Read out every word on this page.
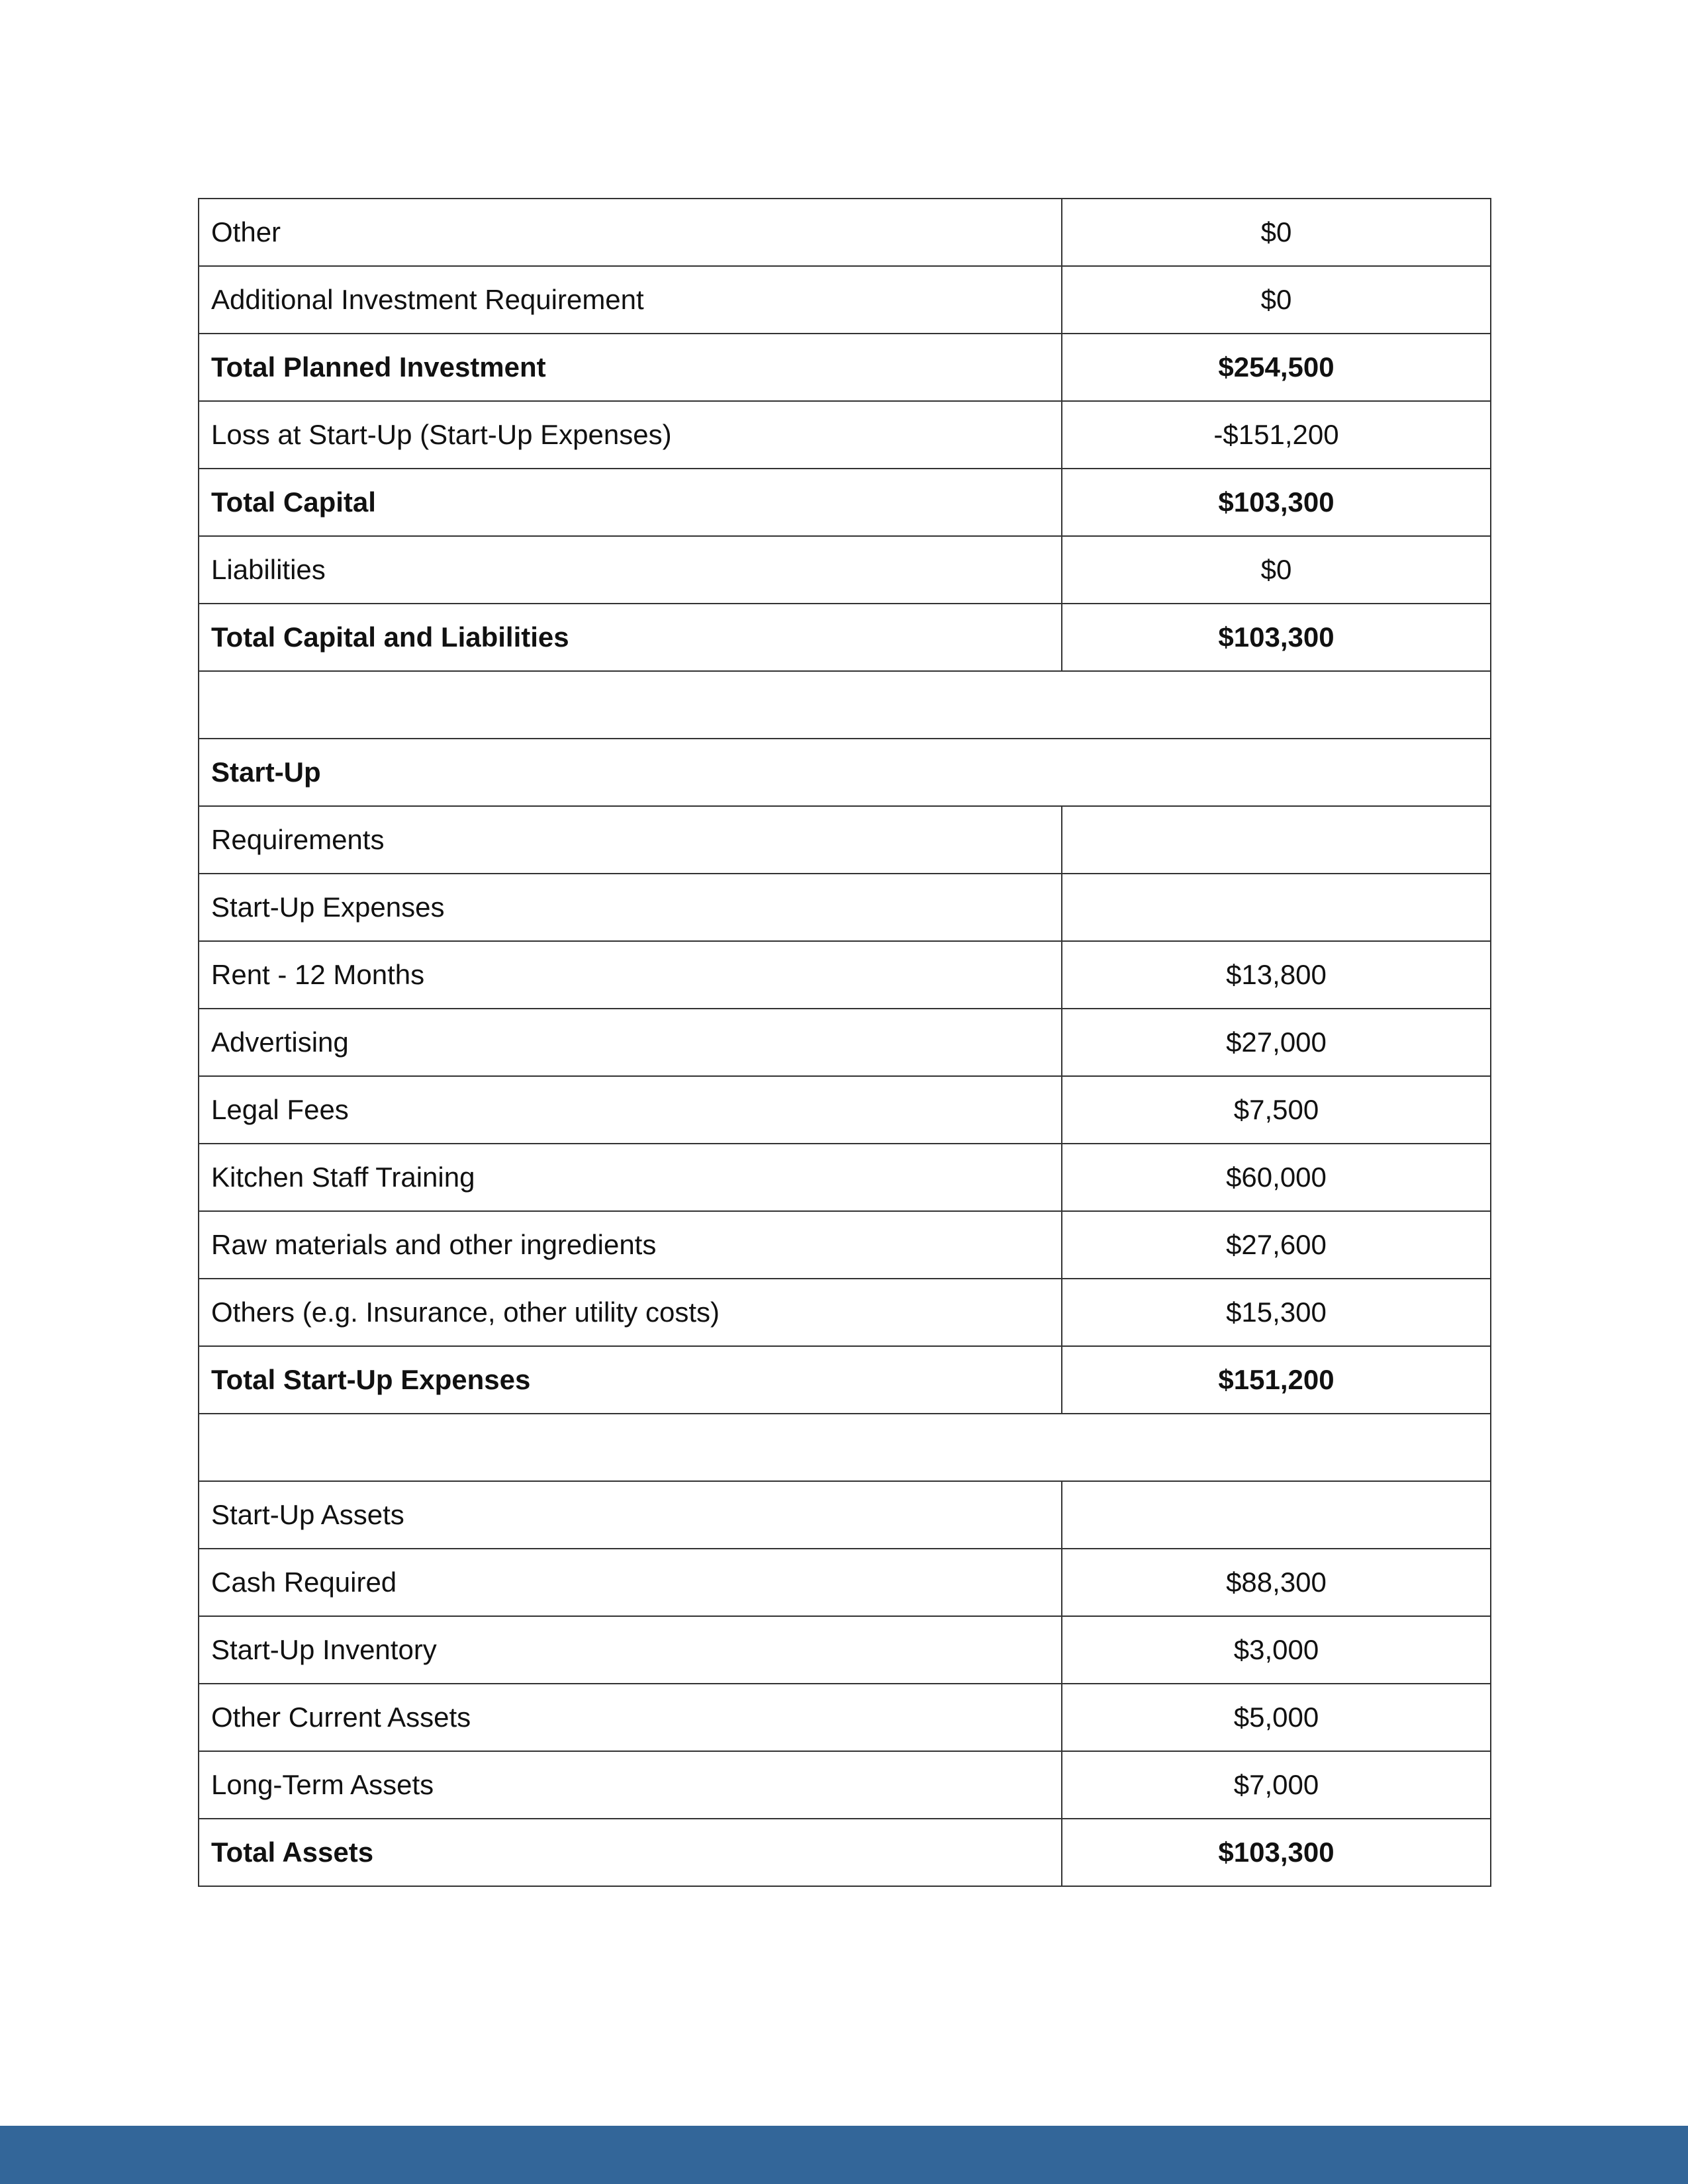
Other	$0
Additional Investment Requirement	$0
Total Planned Investment	$254,500
Loss at Start-Up (Start-Up Expenses)	-$151,200
Total Capital	$103,300
Liabilities	$0
Total Capital and Liabilities	$103,300

Start-Up	
Requirements	
Start-Up Expenses	
Rent - 12 Months	$13,800
Advertising	$27,000
Legal Fees	$7,500
Kitchen Staff Training	$60,000
Raw materials and other ingredients	$27,600
Others (e.g. Insurance, other utility costs)	$15,300
Total Start-Up Expenses	$151,200

Start-Up Assets	
Cash Required	$88,300
Start-Up Inventory	$3,000
Other Current Assets	$5,000
Long-Term Assets	$7,000
Total Assets	$103,300
